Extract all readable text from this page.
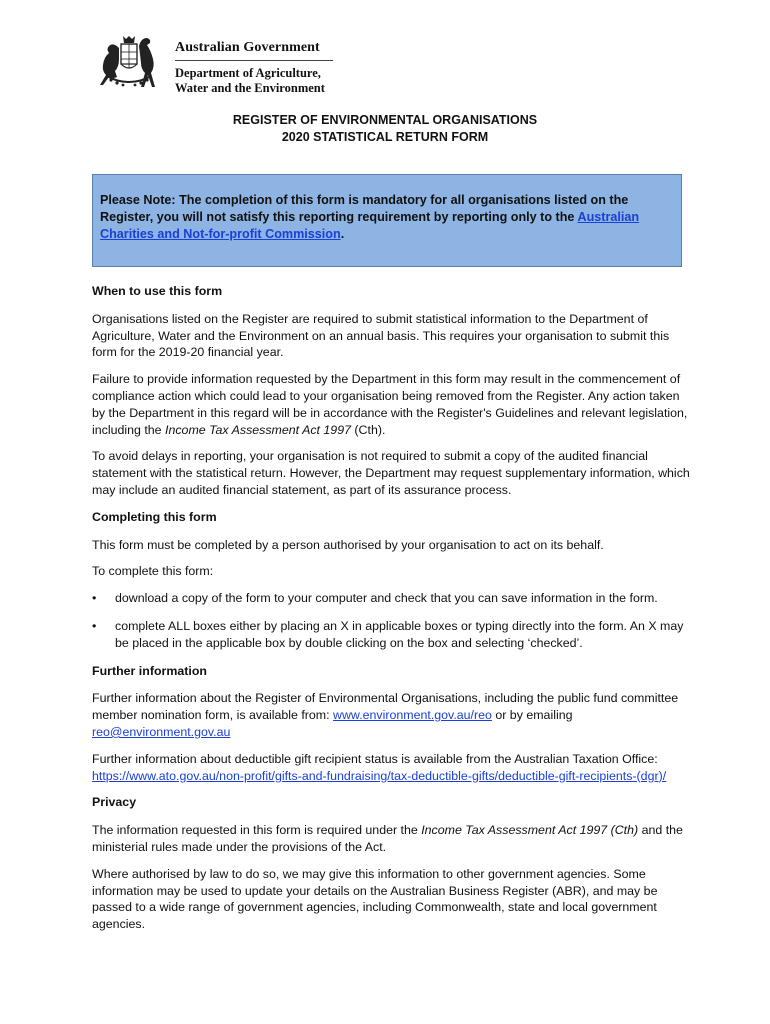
Australian Government
Department of Agriculture,
Water and the Environment
REGISTER OF ENVIRONMENTAL ORGANISATIONS
2020 STATISTICAL RETURN FORM
Please Note: The completion of this form is mandatory for all organisations listed on the Register, you will not satisfy this reporting requirement by reporting only to the Australian Charities and Not-for-profit Commission.
When to use this form

Organisations listed on the Register are required to submit statistical information to the Department of Agriculture, Water and the Environment on an annual basis. This requires your organisation to submit this form for the 2019-20 financial year.

Failure to provide information requested by the Department in this form may result in the commencement of compliance action which could lead to your organisation being removed from the Register. Any action taken by the Department in this regard will be in accordance with the Register's Guidelines and relevant legislation, including the Income Tax Assessment Act 1997 (Cth).

To avoid delays in reporting, your organisation is not required to submit a copy of the audited financial statement with the statistical return. However, the Department may request supplementary information, which may include an audited financial statement, as part of its assurance process.

Completing this form

This form must be completed by a person authorised by your organisation to act on its behalf.

To complete this form:

• download a copy of the form to your computer and check that you can save information in the form.
• complete ALL boxes either by placing an X in applicable boxes or typing directly into the form. An X may be placed in the applicable box by double clicking on the box and selecting ‘checked’.
Further information

Further information about the Register of Environmental Organisations, including the public fund committee member nomination form, is available from: www.environment.gov.au/reo or by emailing reo@environment.gov.au

Further information about deductible gift recipient status is available from the Australian Taxation Office: https://www.ato.gov.au/non-profit/gifts-and-fundraising/tax-deductible-gifts/deductible-gift-recipients-(dgr)/

Privacy

The information requested in this form is required under the Income Tax Assessment Act 1997 (Cth) and the ministerial rules made under the provisions of the Act.

Where authorised by law to do so, we may give this information to other government agencies. Some information may be used to update your details on the Australian Business Register (ABR), and may be passed to a wide range of government agencies, including Commonwealth, state and local government agencies.
